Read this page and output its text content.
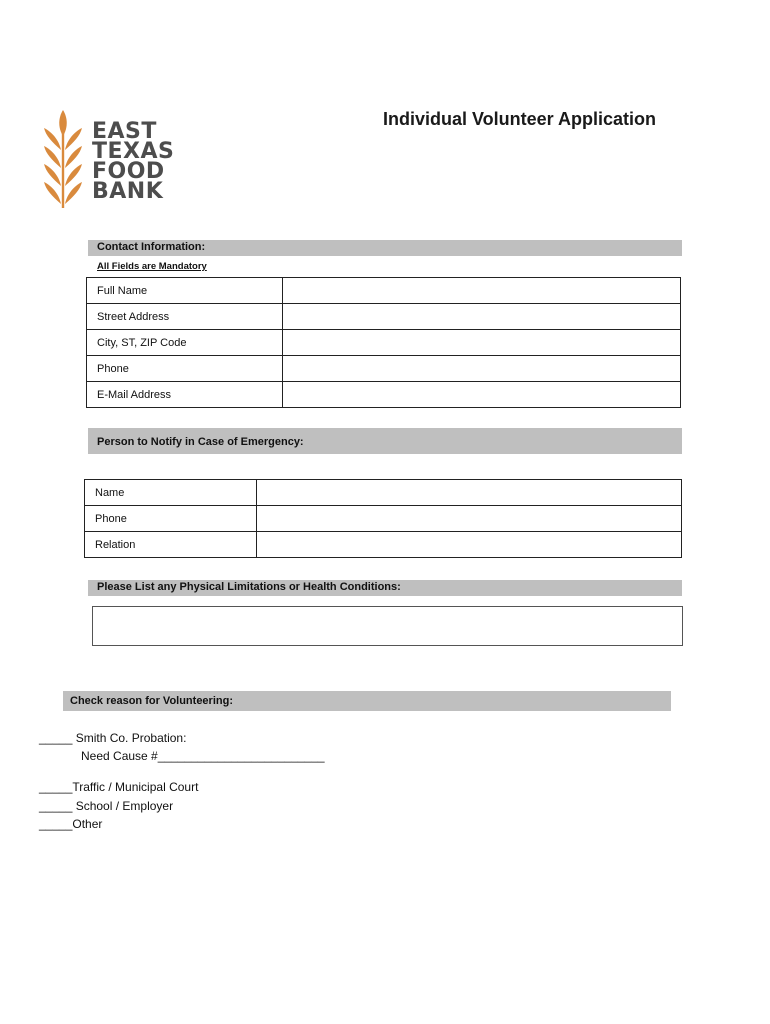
EAST
TEXAS
FOOD
BANK
Individual Volunteer Application
Contact Information:
All Fields are Mandatory
Full Name	
Street Address	
City, ST, ZIP Code	
Phone	
E-Mail Address	
Person to Notify in Case of Emergency:
Name	
Phone	
Relation	
Please List any Physical Limitations or Health Conditions:
Check reason for Volunteering:
_____ Smith Co. Probation:
Need Cause #_________________________
_____Traffic / Municipal Court
_____ School / Employer
_____Other
